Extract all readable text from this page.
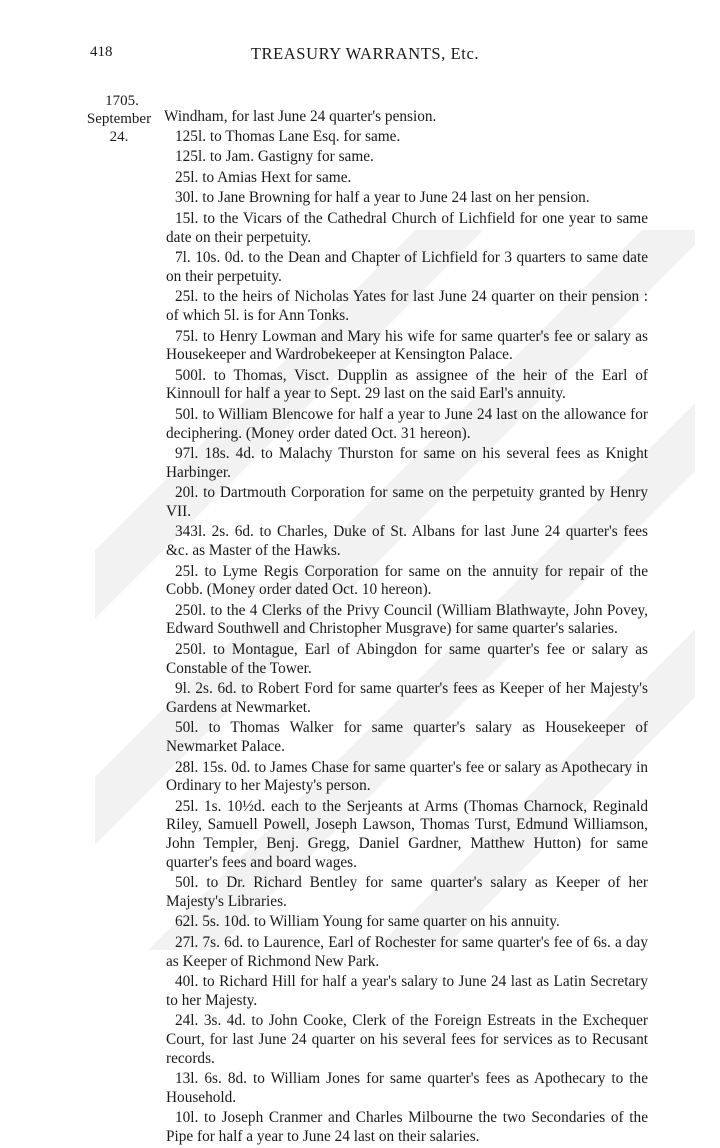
418	TREASURY WARRANTS, Etc.
1705.
September
24.

Windham, for last June 24 quarter's pension.

125l. to Thomas Lane Esq. for same.

125l. to Jam. Gastigny for same.

25l. to Amias Hext for same.

30l. to Jane Browning for half a year to June 24 last on her pension.

15l. to the Vicars of the Cathedral Church of Lichfield for one year to same date on their perpetuity.

7l. 10s. 0d. to the Dean and Chapter of Lichfield for 3 quarters to same date on their perpetuity.

25l. to the heirs of Nicholas Yates for last June 24 quarter on their pension : of which 5l. is for Ann Tonks.

75l. to Henry Lowman and Mary his wife for same quarter's fee or salary as Housekeeper and Wardrobekeeper at Kensington Palace.

500l. to Thomas, Visct. Dupplin as assignee of the heir of the Earl of Kinnoull for half a year to Sept. 29 last on the said Earl's annuity.

50l. to William Blencowe for half a year to June 24 last on the allowance for deciphering. (Money order dated Oct. 31 hereon).

97l. 18s. 4d. to Malachy Thurston for same on his several fees as Knight Harbinger.

20l. to Dartmouth Corporation for same on the perpetuity granted by Henry VII.

343l. 2s. 6d. to Charles, Duke of St. Albans for last June 24 quarter's fees &c. as Master of the Hawks.

25l. to Lyme Regis Corporation for same on the annuity for repair of the Cobb. (Money order dated Oct. 10 hereon).

250l. to the 4 Clerks of the Privy Council (William Blathwayte, John Povey, Edward Southwell and Christopher Musgrave) for same quarter's salaries.

250l. to Montague, Earl of Abingdon for same quarter's fee or salary as Constable of the Tower.

9l. 2s. 6d. to Robert Ford for same quarter's fees as Keeper of her Majesty's Gardens at Newmarket.

50l. to Thomas Walker for same quarter's salary as Housekeeper of Newmarket Palace.

28l. 15s. 0d. to James Chase for same quarter's fee or salary as Apothecary in Ordinary to her Majesty's person.

25l. 1s. 10½d. each to the Serjeants at Arms (Thomas Charnock, Reginald Riley, Samuell Powell, Joseph Lawson, Thomas Turst, Edmund Williamson, John Templer, Benj. Gregg, Daniel Gardner, Matthew Hutton) for same quarter's fees and board wages.

50l. to Dr. Richard Bentley for same quarter's salary as Keeper of her Majesty's Libraries.

62l. 5s. 10d. to William Young for same quarter on his annuity.

27l. 7s. 6d. to Laurence, Earl of Rochester for same quarter's fee of 6s. a day as Keeper of Richmond New Park.

40l. to Richard Hill for half a year's salary to June 24 last as Latin Secretary to her Majesty.

24l. 3s. 4d. to John Cooke, Clerk of the Foreign Estreats in the Exchequer Court, for last June 24 quarter on his several fees for services as to Recusant records.

13l. 6s. 8d. to William Jones for same quarter's fees as Apothecary to the Household.

10l. to Joseph Cranmer and Charles Milbourne the two Secondaries of the Pipe for half a year to June 24 last on their salaries.
